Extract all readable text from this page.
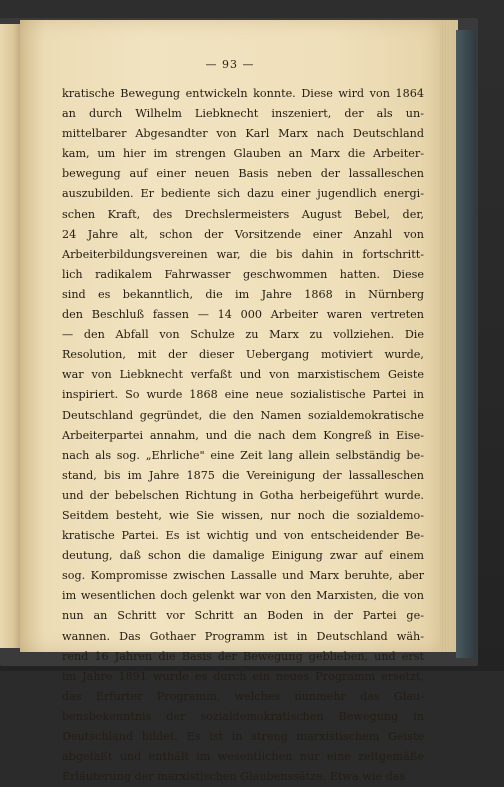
— 93 —
kratische Bewegung entwickeln konnte. Diese wird von 1864
an durch Wilhelm Liebknecht inszeniert, der als un-
mittelbarer Abgesandter von Karl Marx nach Deutschland
kam, um hier im strengen Glauben an Marx die Arbeiter-
bewegung auf einer neuen Basis neben der lassalleschen
auszubilden. Er bediente sich dazu einer jugendlich energi-
schen Kraft, des Drechslermeisters August Bebel, der,
24 Jahre alt, schon der Vorsitzende einer Anzahl von
Arbeiterbildungsvereinen war, die bis dahin in fortschritt-
lich radikalem Fahrwasser geschwommen hatten. Diese
sind es bekanntlich, die im Jahre 1868 in Nürnberg
den Beschluß fassen — 14 000 Arbeiter waren vertreten
— den Abfall von Schulze zu Marx zu vollziehen. Die
Resolution, mit der dieser Uebergang motiviert wurde,
war von Liebknecht verfaßt und von marxistischem Geiste
inspiriert. So wurde 1868 eine neue sozialistische Partei in
Deutschland gegründet, die den Namen sozialdemokratische
Arbeiterpartei annahm, und die nach dem Kongreß in Eise-
nach als sog. „Ehrliche" eine Zeit lang allein selbständig be-
stand, bis im Jahre 1875 die Vereinigung der lassalleschen
und der bebelschen Richtung in Gotha herbeigeführt wurde.
Seitdem besteht, wie Sie wissen, nur noch die sozialdemo-
kratische Partei. Es ist wichtig und von entscheidender Be-
deutung, daß schon die damalige Einigung zwar auf einem
sog. Kompromisse zwischen Lassalle und Marx beruhte, aber
im wesentlichen doch gelenkt war von den Marxisten, die von
nun an Schritt vor Schritt an Boden in der Partei ge-
wannen. Das Gothaer Programm ist in Deutschland wäh-
rend 16 Jahren die Basis der Bewegung geblieben, und erst
im Jahre 1891 wurde es durch ein neues Programm ersetzt,
das Erfurter Programm, welches nunmehr das Glau-
bensbekenntnis der sozialdemokratischen Bewegung in
Deutschland bildet. Es ist in streng marxistischem Geiste
abgefaßt und enthält im wesentlichen nur eine zeitgemäße
Erläuterung der marxistischen Glaubenssätze. Etwa wie das
